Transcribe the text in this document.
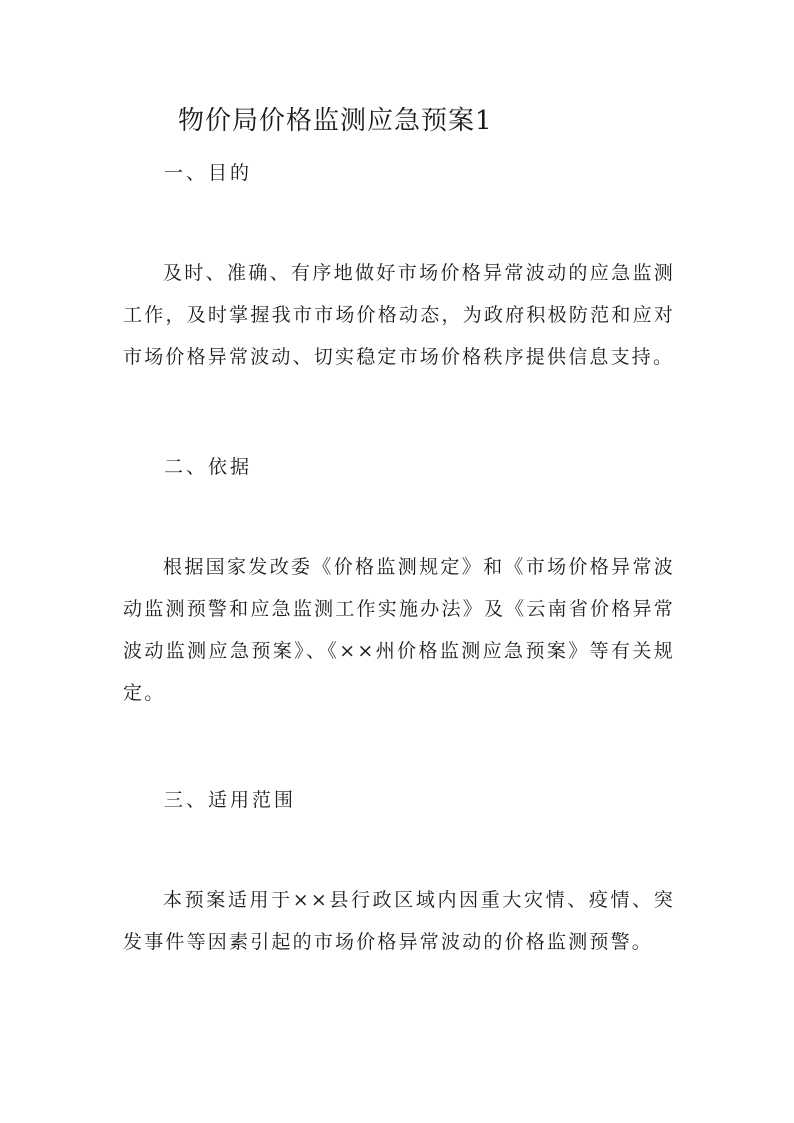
物价局价格监测应急预案1
一、目的

及时、准确、有序地做好市场价格异常波动的应急监测工作，及时掌握我市市场价格动态，为政府积极防范和应对市场价格异常波动、切实稳定市场价格秩序提供信息支持。

二、依据

根据国家发改委《价格监测规定》和《市场价格异常波动监测预警和应急监测工作实施办法》及《云南省价格异常波动监测应急预案》、《××州价格监测应急预案》等有关规定。

三、适用范围

本预案适用于××县行政区域内因重大灾情、疫情、突发事件等因素引起的市场价格异常波动的价格监测预警。
